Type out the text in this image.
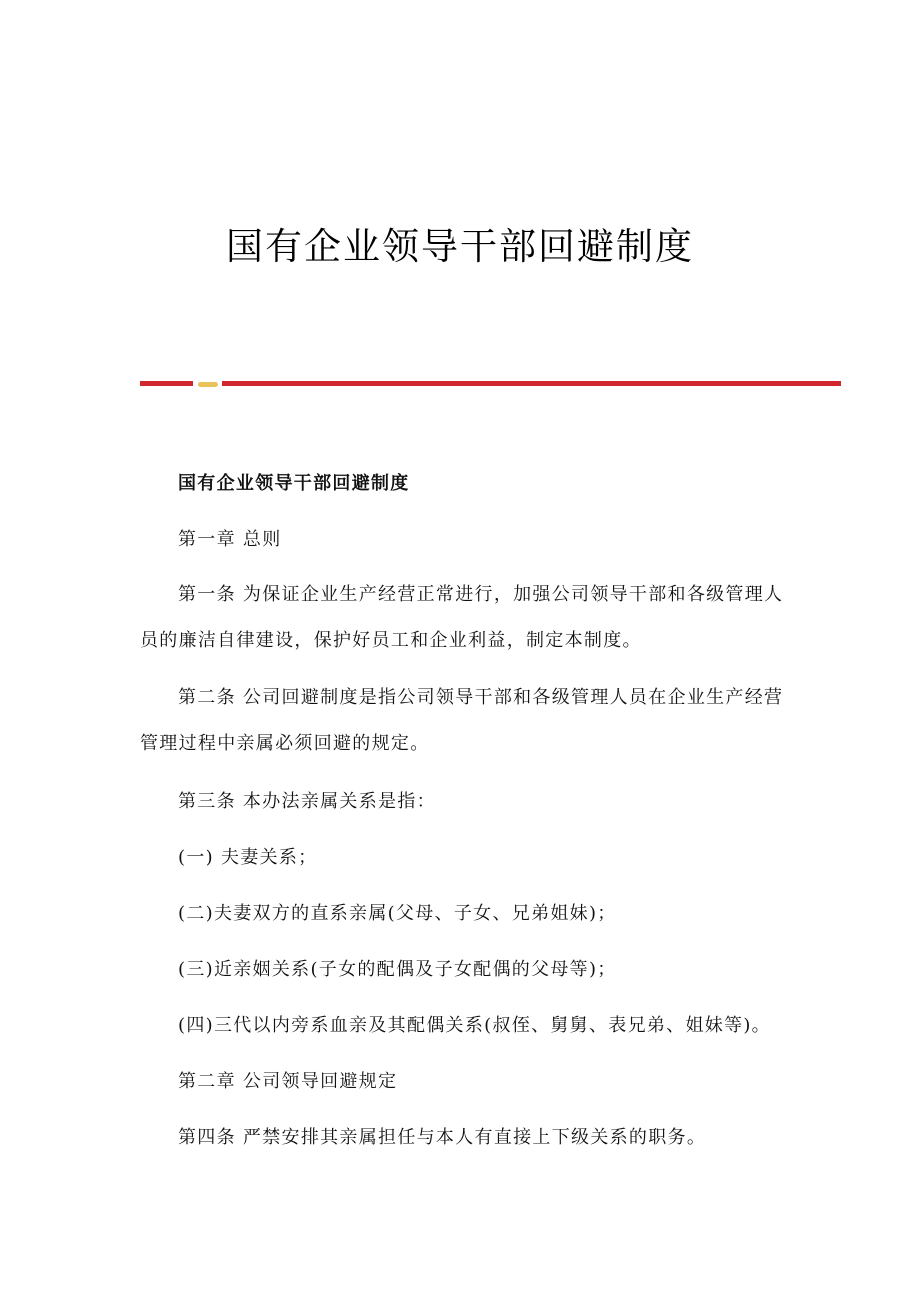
国有企业领导干部回避制度
国有企业领导干部回避制度
第一章 总则
第一条 为保证企业生产经营正常进行，加强公司领导干部和各级管理人员的廉洁自律建设，保护好员工和企业利益，制定本制度。
第二条 公司回避制度是指公司领导干部和各级管理人员在企业生产经营管理过程中亲属必须回避的规定。
第三条 本办法亲属关系是指：
(一) 夫妻关系；
(二)夫妻双方的直系亲属(父母、子女、兄弟姐妹)；
(三)近亲姻关系(子女的配偶及子女配偶的父母等)；
(四)三代以内旁系血亲及其配偶关系(叔侄、舅舅、表兄弟、姐妹等)。
第二章 公司领导回避规定
第四条 严禁安排其亲属担任与本人有直接上下级关系的职务。
